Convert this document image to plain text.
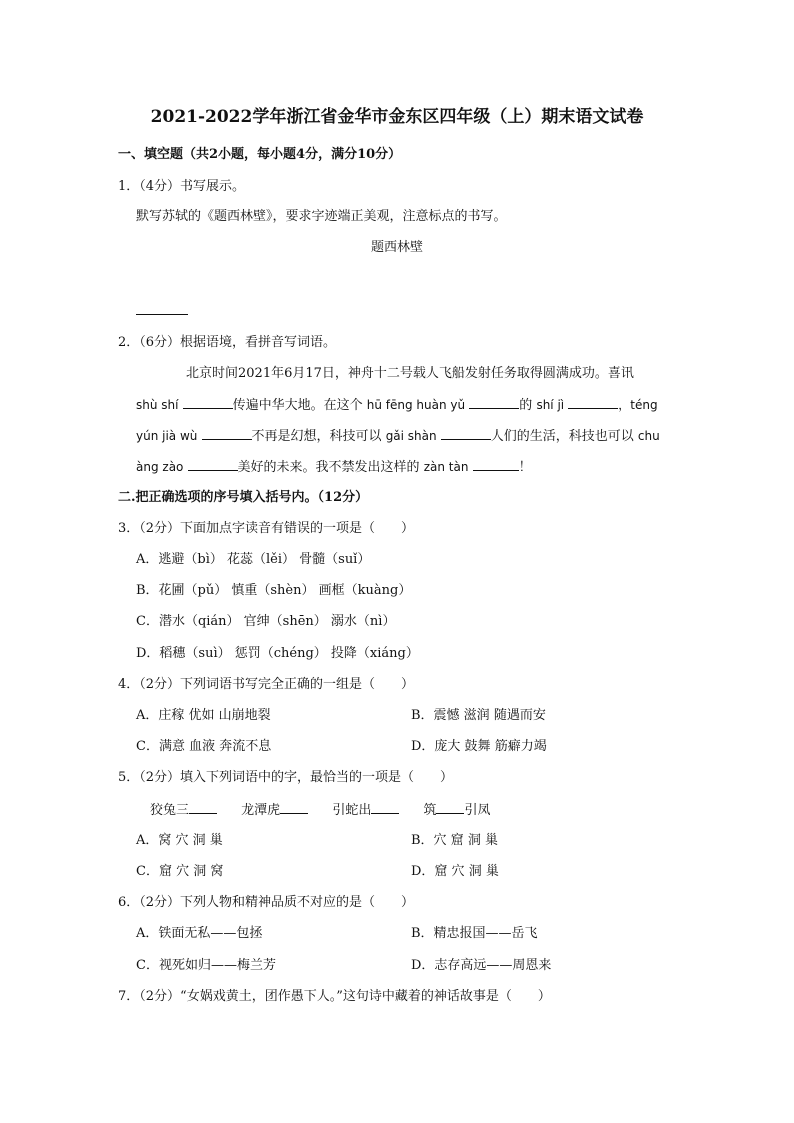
2021-2022学年浙江省金华市金东区四年级（上）期末语文试卷
一、填空题（共2小题，每小题4分，满分10分）
1．（4分）书写展示。
默写苏轼的《题西林壁》，要求字迹端正美观，注意标点的书写。
题西林壁
2．（6分）根据语境，看拼音写词语。
北京时间2021年6月17日，神舟十二号载人飞船发射任务取得圆满成功。喜讯
shù shí	传遍中华大地。在这个 hū fēng huàn yǔ	的 shí jì	，téng
yún jià wù	不再是幻想，科技可以 gǎi shàn	人们的生活，科技也可以 chu
àng zào	美好的未来。我不禁发出这样的 zàn tàn	！
二.把正确选项的序号填入括号内。（12分）
3．（2分）下面加点字读音有错误的一项是（　　）
A．逃避（bì） 花蕊（lěi） 骨髓（suǐ）
B．花圃（pǔ） 慎重（shèn） 画框（kuàng）
C．潜水（qián） 官绅（shēn） 溺水（nì）
D．稻穗（suì） 惩罚（chéng） 投降（xiáng）
4．（2分）下列词语书写完全正确的一组是（　　）
A．庄稼 优如 山崩地裂	B．震憾 滋润 随遇而安
C．满意 血液 奔流不息	D．庞大 鼓舞 筋癖力竭
5．（2分）填入下列词语中的字，最恰当的一项是（　　）
狡兔三	龙潭虎	引蛇出	筑 引凤
A．窝 穴 洞 巢	B．穴 窟 洞 巢
C．窟 穴 洞 窝	D．窟 穴 洞 巢
6．（2分）下列人物和精神品质不对应的是（　　）
A．铁面无私——包拯	B．精忠报国——岳飞
C．视死如归——梅兰芳	D．志存高远——周恩来
7．（2分）“女娲戏黄土，团作愚下人。”这句诗中藏着的神话故事是（　　）
